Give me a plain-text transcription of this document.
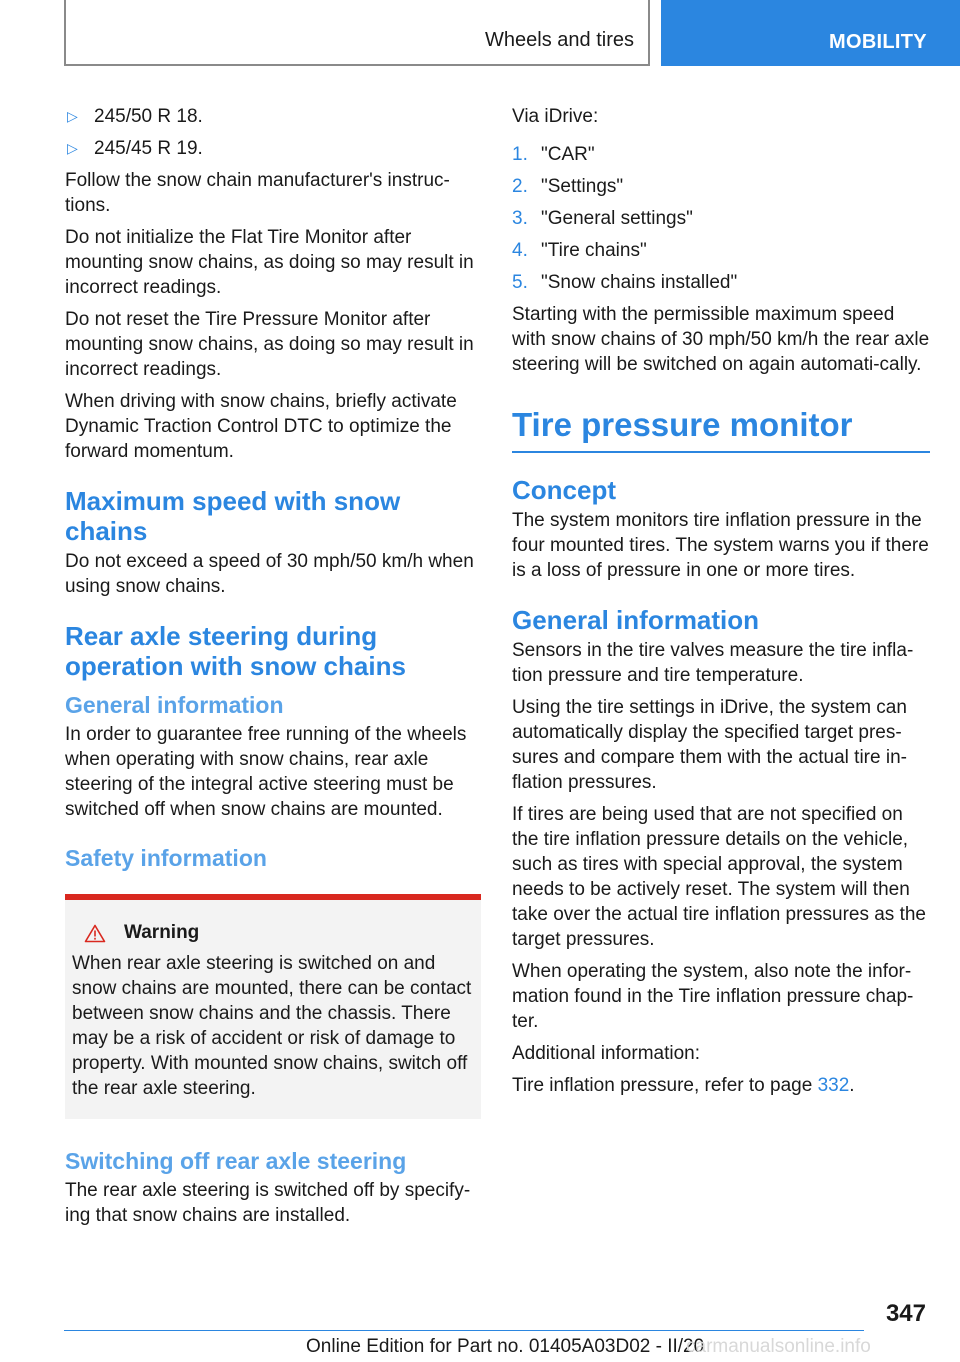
Wheels and tires	MOBILITY
▷ 245/50 R 18.
▷ 245/45 R 19.

Follow the snow chain manufacturer's instruc-tions.

Do not initialize the Flat Tire Monitor after mounting snow chains, as doing so may result in incorrect readings.

Do not reset the Tire Pressure Monitor after mounting snow chains, as doing so may result in incorrect readings.

When driving with snow chains, briefly activate Dynamic Traction Control DTC to optimize the forward momentum.

Maximum speed with snow chains

Do not exceed a speed of 30 mph/50 km/h when using snow chains.

Rear axle steering during operation with snow chains
General information

In order to guarantee free running of the wheels when operating with snow chains, rear axle steering of the integral active steering must be switched off when snow chains are mounted.

Safety information
Warning

When rear axle steering is switched on and snow chains are mounted, there can be contact between snow chains and the chassis. There may be a risk of accident or risk of damage to property. With mounted snow chains, switch off the rear axle steering.

Switching off rear axle steering

The rear axle steering is switched off by specify-ing that snow chains are installed.

Via iDrive:

1. "CAR"
2. "Settings"
3. "General settings"
4. "Tire chains"
5. "Snow chains installed"

Starting with the permissible maximum speed with snow chains of 30 mph/50 km/h the rear axle steering will be switched on again automati-cally.

Tire pressure monitor
Concept

The system monitors tire inflation pressure in the four mounted tires. The system warns you if there is a loss of pressure in one or more tires.

General information

Sensors in the tire valves measure the tire infla-tion pressure and tire temperature.

Using the tire settings in iDrive, the system can automatically display the specified target pres-sures and compare them with the actual tire in-flation pressures.

If tires are being used that are not specified on the tire inflation pressure details on the vehicle, such as tires with special approval, the system needs to be actively reset. The system will then take over the actual tire inflation pressures as the target pressures.

When operating the system, also note the infor-mation found in the Tire inflation pressure chap-ter.

Additional information:

Tire inflation pressure, refer to page 332.

347
Online Edition for Part no. 01405A03D02 - II/20
carmanualsonline.info
